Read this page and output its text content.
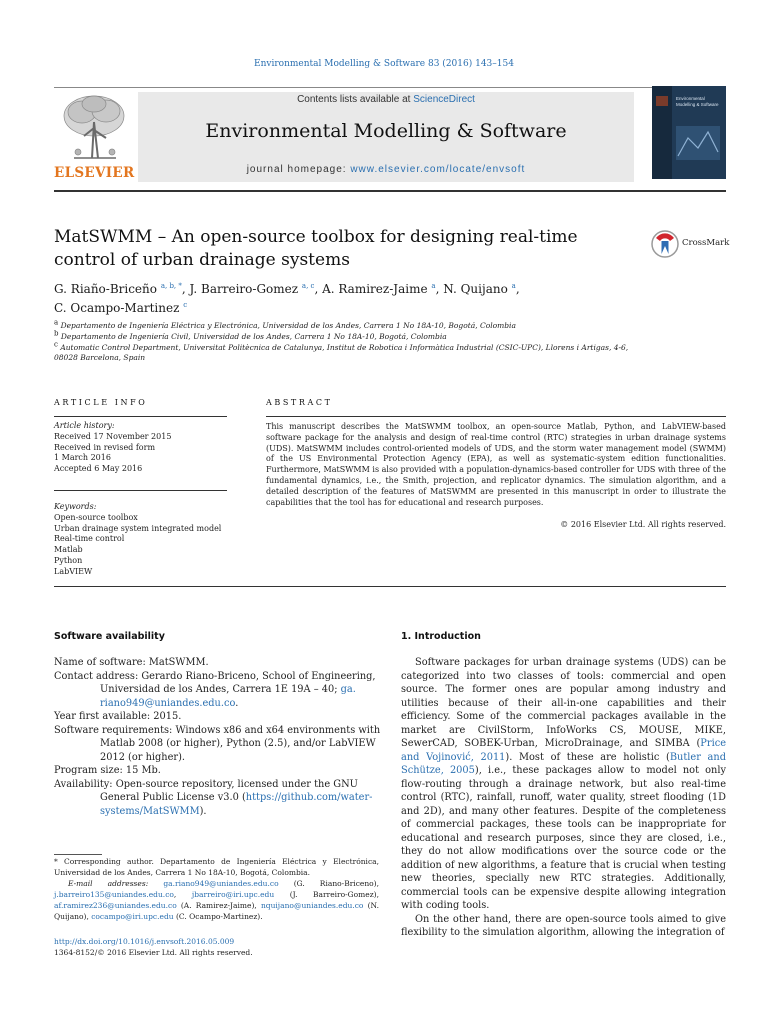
Environmental Modelling & Software 83 (2016) 143–154
ELSEVIER
Contents lists available at ScienceDirect
Environmental Modelling & Software
journal homepage: www.elsevier.com/locate/envsoft
Environmental Modelling & Software
MatSWMM – An open-source toolbox for designing real-time control of urban drainage systems
CrossMark
G. Riaño-Briceño $^{a, b, *}$, J. Barreiro-Gomez $^{a, c}$, A. Ramirez-Jaime $^a$, N. Quijano $^a$,
C. Ocampo-Martinez $^c$
$^a$ Departamento de Ingeniería Eléctrica y Electrónica, Universidad de los Andes, Carrera 1 No 18A-10, Bogotá, Colombia
$^b$ Departamento de Ingeniería Civil, Universidad de los Andes, Carrera 1 No 18A-10, Bogotá, Colombia
$^c$ Automatic Control Department, Universitat Politècnica de Catalunya, Institut de Robotica i Informàtica Industrial (CSIC-UPC), Llorens i Artigas, 4-6, 08028 Barcelona, Spain
ARTICLE INFO	ABSTRACT
Article history:
Received 17 November 2015
Received in revised form
1 March 2016
Accepted 6 May 2016
Keywords:
Open-source toolbox
Urban drainage system integrated model
Real-time control
Matlab
Python
LabVIEW
This manuscript describes the MatSWMM toolbox, an open-source Matlab, Python, and LabVIEW-based software package for the analysis and design of real-time control (RTC) strategies in urban drainage systems (UDS). MatSWMM includes control-oriented models of UDS, and the storm water management model (SWMM) of the US Environmental Protection Agency (EPA), as well as systematic-system edition functionalities. Furthermore, MatSWMM is also provided with a population-dynamics-based controller for UDS with three of the fundamental dynamics, i.e., the Smith, projection, and replicator dynamics. The simulation algorithm, and a detailed description of the features of MatSWMM are presented in this manuscript in order to illustrate the capabilities that the tool has for educational and research purposes.
© 2016 Elsevier Ltd. All rights reserved.
Software availability
Name of software: MatSWMM.
Contact address: Gerardo Riano-Briceno, School of Engineering,
Universidad de los Andes, Carrera 1E 19A – 40; ga.
riano949@uniandes.edu.co.
Year first available: 2015.
Software requirements: Windows x86 and x64 environments with
Matlab 2008 (or higher), Python (2.5), and/or LabVIEW
2012 (or higher).
Program size: 15 Mb.
Availability: Open-source repository, licensed under the GNU
General Public License v3.0 (https://github.com/water-
systems/MatSWMM).
1. Introduction

Software packages for urban drainage systems (UDS) can be categorized into two classes of tools: commercial and open source. The former ones are popular among industry and utilities because of their all-in-one capabilities and their efficiency. Some of the commercial packages available in the market are CivilStorm, InfoWorks CS, MOUSE, MIKE, SewerCAD, SOBEK-Urban, MicroDrainage, and SIMBA (Price and Vojinović, 2011). Most of these are holistic (Butler and Schütze, 2005), i.e., these packages allow to model not only flow-routing through a drainage network, but also real-time control (RTC), rainfall, runoff, water quality, street flooding (1D and 2D), and many other features. Despite of the completeness of commercial packages, these tools can be inappropriate for educational and research purposes, since they are closed, i.e., they do not allow modifications over the source code or the addition of new algorithms, a feature that is crucial when testing new theories, specially new RTC strategies. Additionally, commercial tools can be expensive despite allowing integration with coding tools.

On the other hand, there are open-source tools aimed to give flexibility to the simulation algorithm, allowing the integration of

* Corresponding author. Departamento de Ingeniería Eléctrica y Electrónica, Universidad de los Andes, Carrera 1 No 18A-10, Bogotá, Colombia.
E-mail addresses: ga.riano949@uniandes.edu.co (G. Riano-Briceno), j.barreiro135@uniandes.edu.co, jbarreiro@iri.upc.edu (J. Barreiro-Gomez), af.ramirez236@uniandes.edu.co (A. Ramirez-Jaime), nquijano@uniandes.edu.co (N. Quijano), cocampo@iri.upc.edu (C. Ocampo-Martinez).
http://dx.doi.org/10.1016/j.envsoft.2016.05.009
1364-8152/© 2016 Elsevier Ltd. All rights reserved.
